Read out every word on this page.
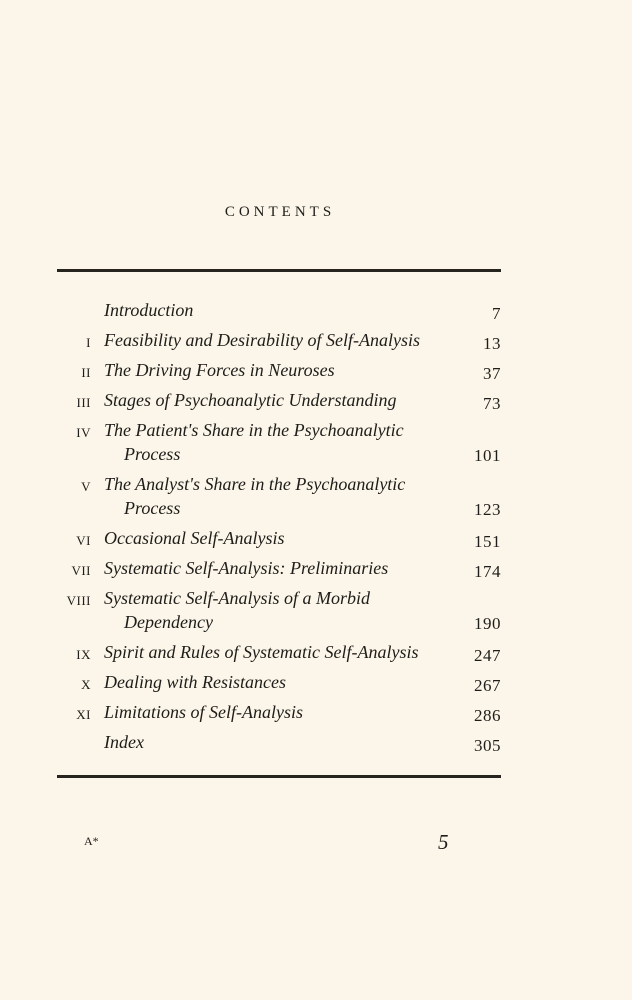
CONTENTS
Introduction	7
I Feasibility and Desirability of Self-Analysis	13
II The Driving Forces in Neuroses	37
III Stages of Psychoanalytic Understanding	73
IV The Patient's Share in the Psychoanalytic
Process	101
V The Analyst's Share in the Psychoanalytic
Process	123
VI Occasional Self-Analysis	151
VII Systematic Self-Analysis: Preliminaries	174
VIII Systematic Self-Analysis of a Morbid
Dependency	190
IX Spirit and Rules of Systematic Self-Analysis	247
X Dealing with Resistances	267
XI Limitations of Self-Analysis	286
Index	305
A*	5
